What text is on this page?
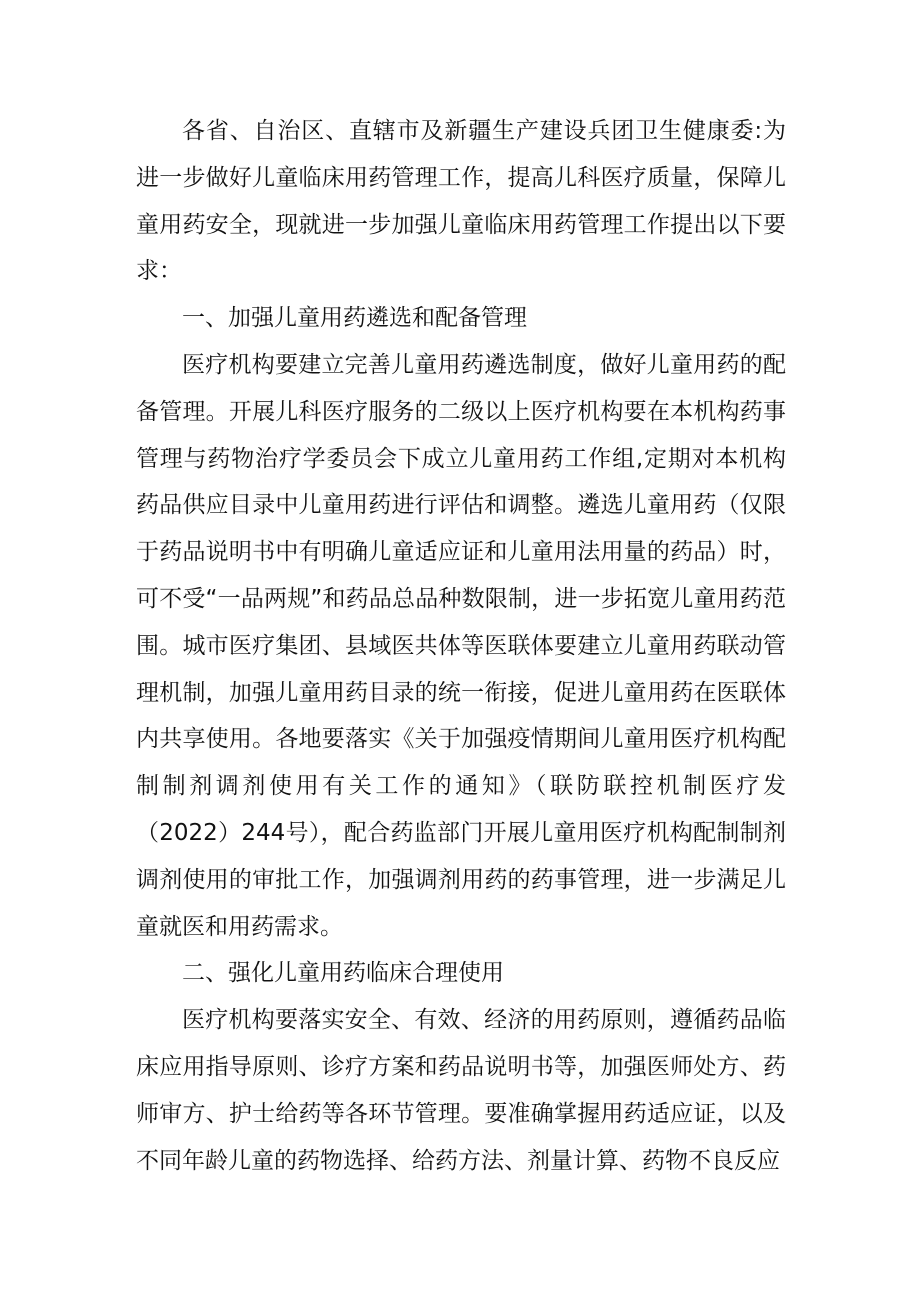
各省、自治区、直辖市及新疆生产建设兵团卫生健康委:为进一步做好儿童临床用药管理工作，提高儿科医疗质量，保障儿童用药安全，现就进一步加强儿童临床用药管理工作提出以下要求：

一、加强儿童用药遴选和配备管理

医疗机构要建立完善儿童用药遴选制度，做好儿童用药的配备管理。开展儿科医疗服务的二级以上医疗机构要在本机构药事管理与药物治疗学委员会下成立儿童用药工作组,定期对本机构药品供应目录中儿童用药进行评估和调整。遴选儿童用药（仅限于药品说明书中有明确儿童适应证和儿童用法用量的药品）时，可不受“一品两规”和药品总品种数限制，进一步拓宽儿童用药范围。城市医疗集团、县域医共体等医联体要建立儿童用药联动管理机制，加强儿童用药目录的统一衔接，促进儿童用药在医联体内共享使用。各地要落实《关于加强疫情期间儿童用医疗机构配制制剂调剂使用有关工作的通知》（联防联控机制医疗发（2022）244号），配合药监部门开展儿童用医疗机构配制制剂调剂使用的审批工作，加强调剂用药的药事管理，进一步满足儿童就医和用药需求。

二、强化儿童用药临床合理使用

医疗机构要落实安全、有效、经济的用药原则，遵循药品临床应用指导原则、诊疗方案和药品说明书等，加强医师处方、药师审方、护士给药等各环节管理。要准确掌握用药适应证，以及不同年龄儿童的药物选择、给药方法、剂量计算、药物不良反应
